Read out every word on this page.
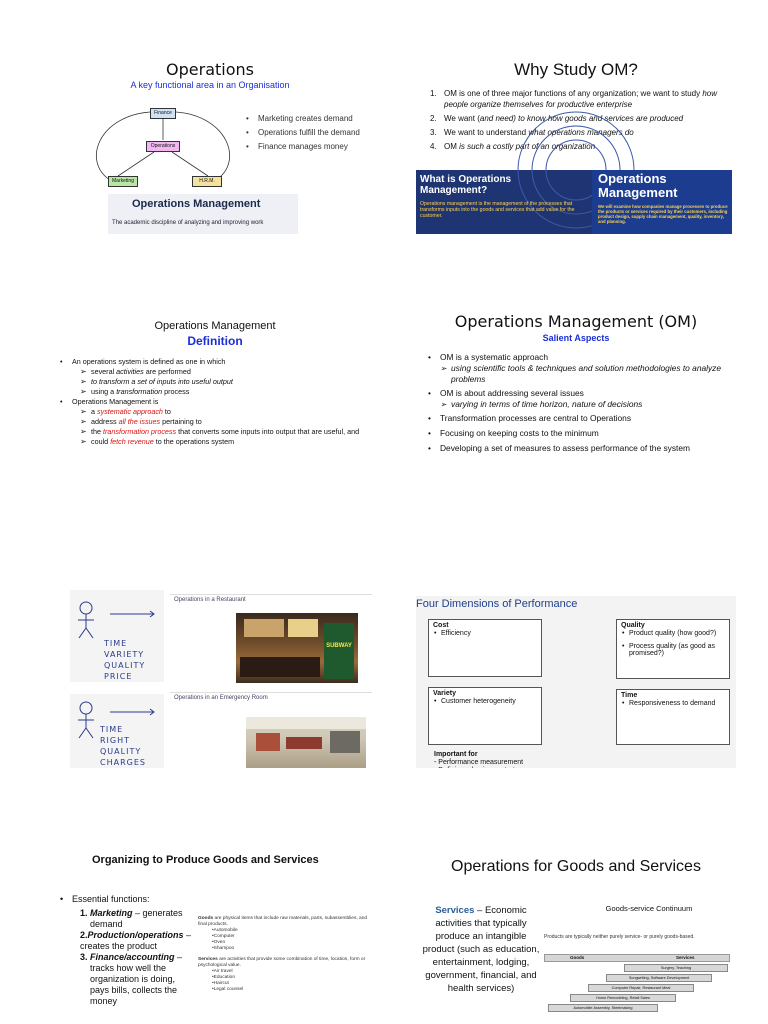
Operations
A key functional area in an Organisation
Finance
Operations
Marketing	H.R.M.
• Marketing creates demand
• Operations fulfill the demand
• Finance manages money
Operations Management
The academic discipline of analyzing and improving work
Why Study OM?
1. OM is one of three major functions of any organization; we want to study how people organize themselves for productive enterprise
2. We want (and need) to know how goods and services are produced
3. We want to understand what operations managers do
4. OM is such a costly part of an organization
What is Operations Management?
Operations management is the management of the processes that transforms inputs into the goods and services that add value for the customer.
Operations Management
We will examine how companies manage processes to produce the products or services required by their customers, including product design, supply chain management, quality, inventory, and planning.
Operations Management
Definition
• An operations system is defined as one in which
➢ several activities are performed
➢ to transform a set of inputs into useful output
➢ using a transformation process
• Operations Management is
➢ a systematic approach to
➢ address all the issues pertaining to
➢ the transformation process that converts some inputs into output that are useful, and
➢ could fetch revenue to the operations system
Operations Management (OM)
Salient Aspects
• OM is a systematic approach
➢ using scientific tools & techniques and solution methodologies to analyze problems
• OM is about addressing several issues
➢ varying in terms of time horizon, nature of decisions
• Transformation processes are central to Operations
• Focusing on keeping costs to the minimum
• Developing a set of measures to assess performance of the system
TIME
VARIETY
QUALITY
PRICE
TIME
RIGHT
QUALITY
CHARGES
Operations in a Restaurant
SUBWAY
Operations in an Emergency Room
Four Dimensions of Performance
Cost
• Efficiency
Quality
• Product quality (how good?)
• Process quality (as good as promised?)
Variety
• Customer heterogeneity
Time
• Responsiveness to demand
Important for
- Performance measurement
Organizing to Produce Goods and Services
• Essential functions:
1. Marketing – generates demand
2.Production/operations – creates the product
3. Finance/accounting – tracks how well the organization is doing, pays bills, collects the money
Goods are physical items that include raw materials, parts, subassemblies, and final products.
•Automobile
•Computer
•Oven
•Shampoo
Services are activities that provide some combination of time, location, form or psychological value.
•Air travel
•Education
•Haircut
•Legal counsel
Operations for Goods and Services
Services – Economic activities that typically produce an intangible product (such as education, entertainment, lodging, government, financial, and health services)
Goods-service Continuum
Products are typically neither purely service- or purely goods-based.
Goods	Services
Surgery, Teaching
Songwriting, Software Development
Computer Repair, Restaurant Meal
Home Remodeling, Retail Sales
Automobile Assembly, Steelmaking
